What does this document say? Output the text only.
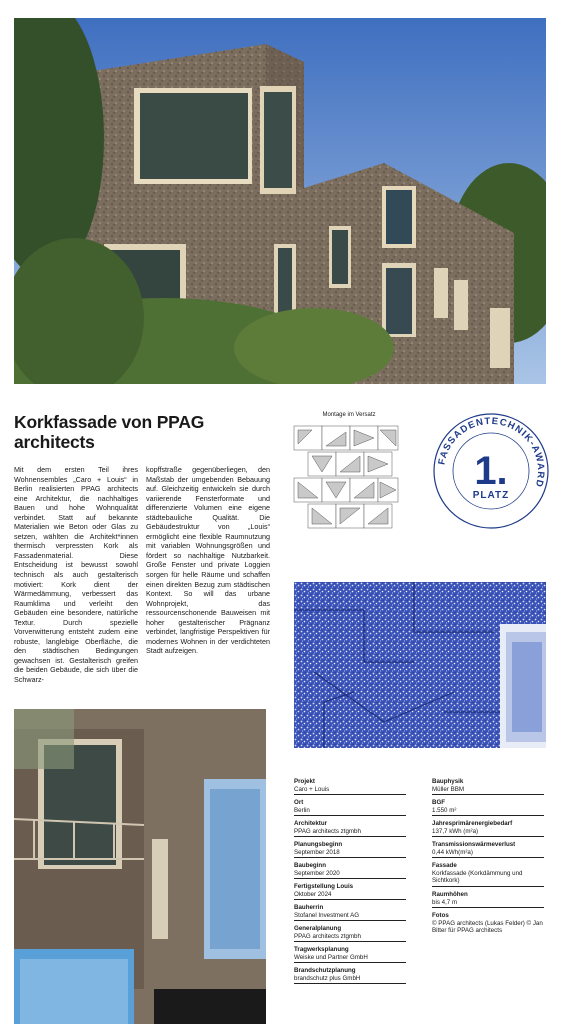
Korkfassade von PPAG architects

Mit dem ersten Teil ihres Wohnensembles „Caro + Louis“ in Berlin realisierten PPAG architects eine Architektur, die nachhaltiges Bauen und hohe Wohnqualität verbindet. Statt auf bekannte Materialien wie Beton oder Glas zu setzen, wählten die Architekt*innen thermisch verpressten Kork als Fassadenmaterial. Diese Entscheidung ist bewusst sowohl technisch als auch gestalterisch motiviert: Kork dient der Wärmedämmung, verbessert das Raumklima und verleiht den Gebäuden eine besondere, natürliche Textur. Durch spezielle Vorverwitterung entsteht zudem eine robuste, langlebige Oberfläche, die den städtischen Bedingungen gewachsen ist. Gestalterisch greifen die beiden Gebäude, die sich über die Schwarz-

kopffstraße gegenüberliegen, den Maßstab der umgebenden Bebauung auf. Gleichzeitig entwickeln sie durch variierende Fensterformate und differenzierte Volumen eine eigene städtebauliche Qualität. Die Gebäudestruktur von „Louis“ ermöglicht eine flexible Raumnutzung mit variablen Wohnungsgrößen und fördert so nachhaltige Nutzbarkeit. Große Fenster und private Loggien sorgen für helle Räume und schaffen einen direkten Bezug zum städtischen Kontext. So will das urbane Wohnprojekt, das ressourcenschonende Bauweisen mit hoher gestalterischer Prägnanz verbindet, langfristige Perspektiven für modernes Wohnen in der verdichteten Stadt aufzeigen.

Montage im Versatz
FASSADENTECHNIK-AWARD
1.
PLATZ
Projekt
Caro + Louis
Ort
Berlin
Architektur
PPAG architects ztgmbh
Planungsbeginn
September 2018
Baubeginn
September 2020
Fertigstellung Louis
Oktober 2024
Bauherrin
Stofanel Investment AG
Generalplanung
PPAG architects ztgmbh
Tragwerksplanung
Weiske und Partner GmbH
Brandschutzplanung
brandschutz plus GmbH
Bauphysik
Müller BBM
BGF
1.550 m²
Jahresprimärenergiebedarf
137,7 kWh (m²a)
Transmissionswärmeverlust
0,44 kWh(m²a)
Fassade
Korkfassade (Korkdämmung und Sichtkork)
Raumhöhen
bis 4,7 m
Fotos
© PPAG architects (Lukas Felder) © Jan Bitter für PPAG architects
